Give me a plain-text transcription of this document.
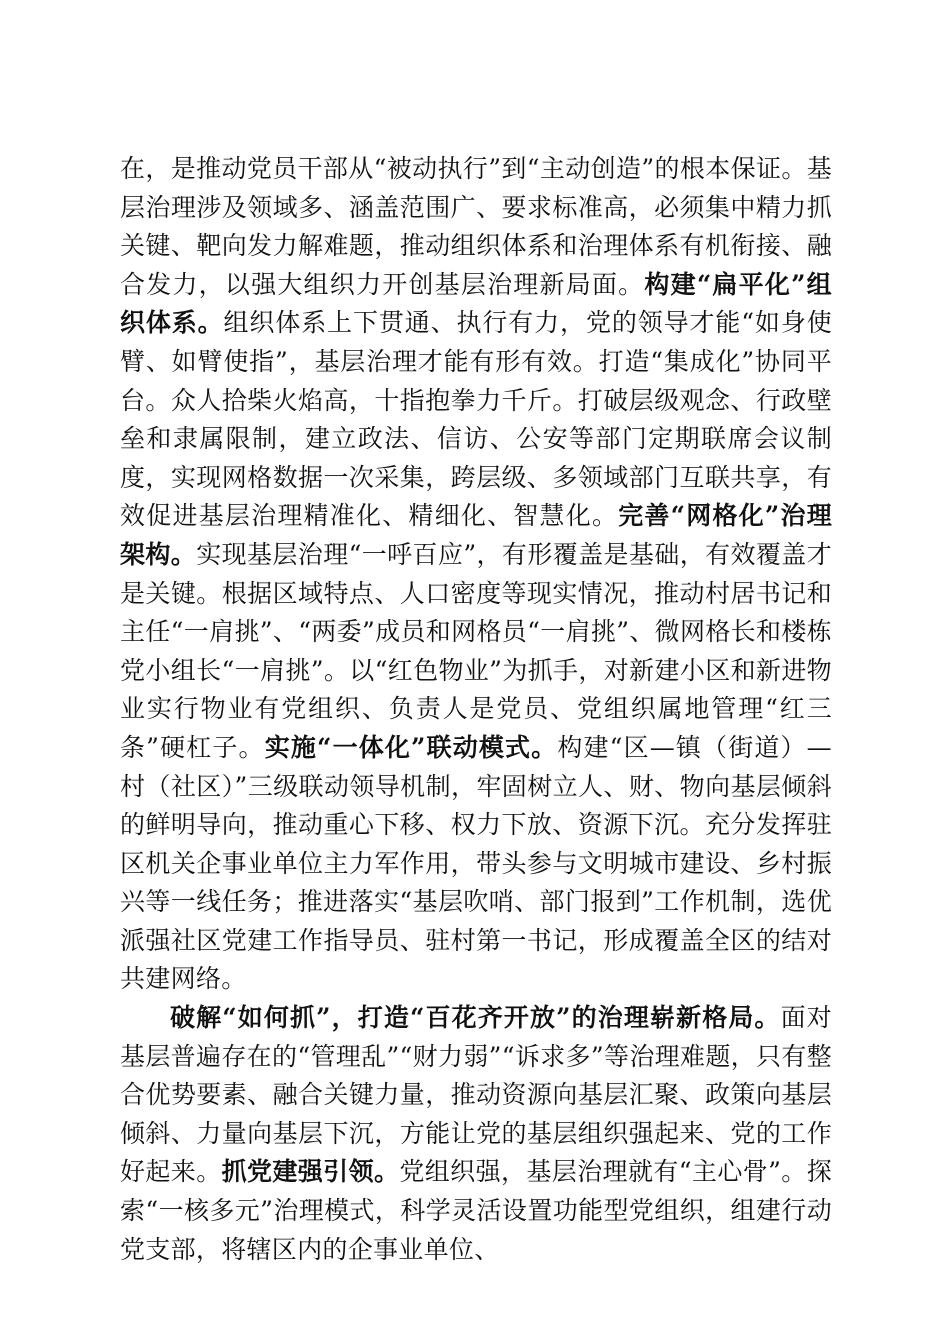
在，是推动党员干部从“被动执行”到“主动创造”的根本保证。基层治理涉及领域多、涵盖范围广、要求标准高，必须集中精力抓关键、靶向发力解难题，推动组织体系和治理体系有机衔接、融合发力，以强大组织力开创基层治理新局面。构建“扁平化”组织体系。组织体系上下贯通、执行有力，党的领导才能“如身使臂、如臂使指”，基层治理才能有形有效。打造“集成化”协同平台。众人拾柴火焰高，十指抱拳力千斤。打破层级观念、行政壁垒和隶属限制，建立政法、信访、公安等部门定期联席会议制度，实现网格数据一次采集，跨层级、多领域部门互联共享，有效促进基层治理精准化、精细化、智慧化。完善“网格化”治理架构。实现基层治理“一呼百应”，有形覆盖是基础，有效覆盖才是关键。根据区域特点、人口密度等现实情况，推动村居书记和主任“一肩挑”、“两委”成员和网格员“一肩挑”、微网格长和楼栋党小组长“一肩挑”。以“红色物业”为抓手，对新建小区和新进物业实行物业有党组织、负责人是党员、党组织属地管理“红三条”硬杠子。实施“一体化”联动模式。构建“区—镇（街道）—村（社区）”三级联动领导机制，牢固树立人、财、物向基层倾斜的鲜明导向，推动重心下移、权力下放、资源下沉。充分发挥驻区机关企事业单位主力军作用，带头参与文明城市建设、乡村振兴等一线任务；推进落实“基层吹哨、部门报到”工作机制，选优派强社区党建工作指导员、驻村第一书记，形成覆盖全区的结对共建网络。

破解“如何抓”，打造“百花齐开放”的治理崭新格局。面对基层普遍存在的“管理乱”“财力弱”“诉求多”等治理难题，只有整合优势要素、融合关键力量，推动资源向基层汇聚、政策向基层倾斜、力量向基层下沉，方能让党的基层组织强起来、党的工作好起来。抓党建强引领。党组织强，基层治理就有“主心骨”。探索“一核多元”治理模式，科学灵活设置功能型党组织，组建行动党支部，将辖区内的企事业单位、
